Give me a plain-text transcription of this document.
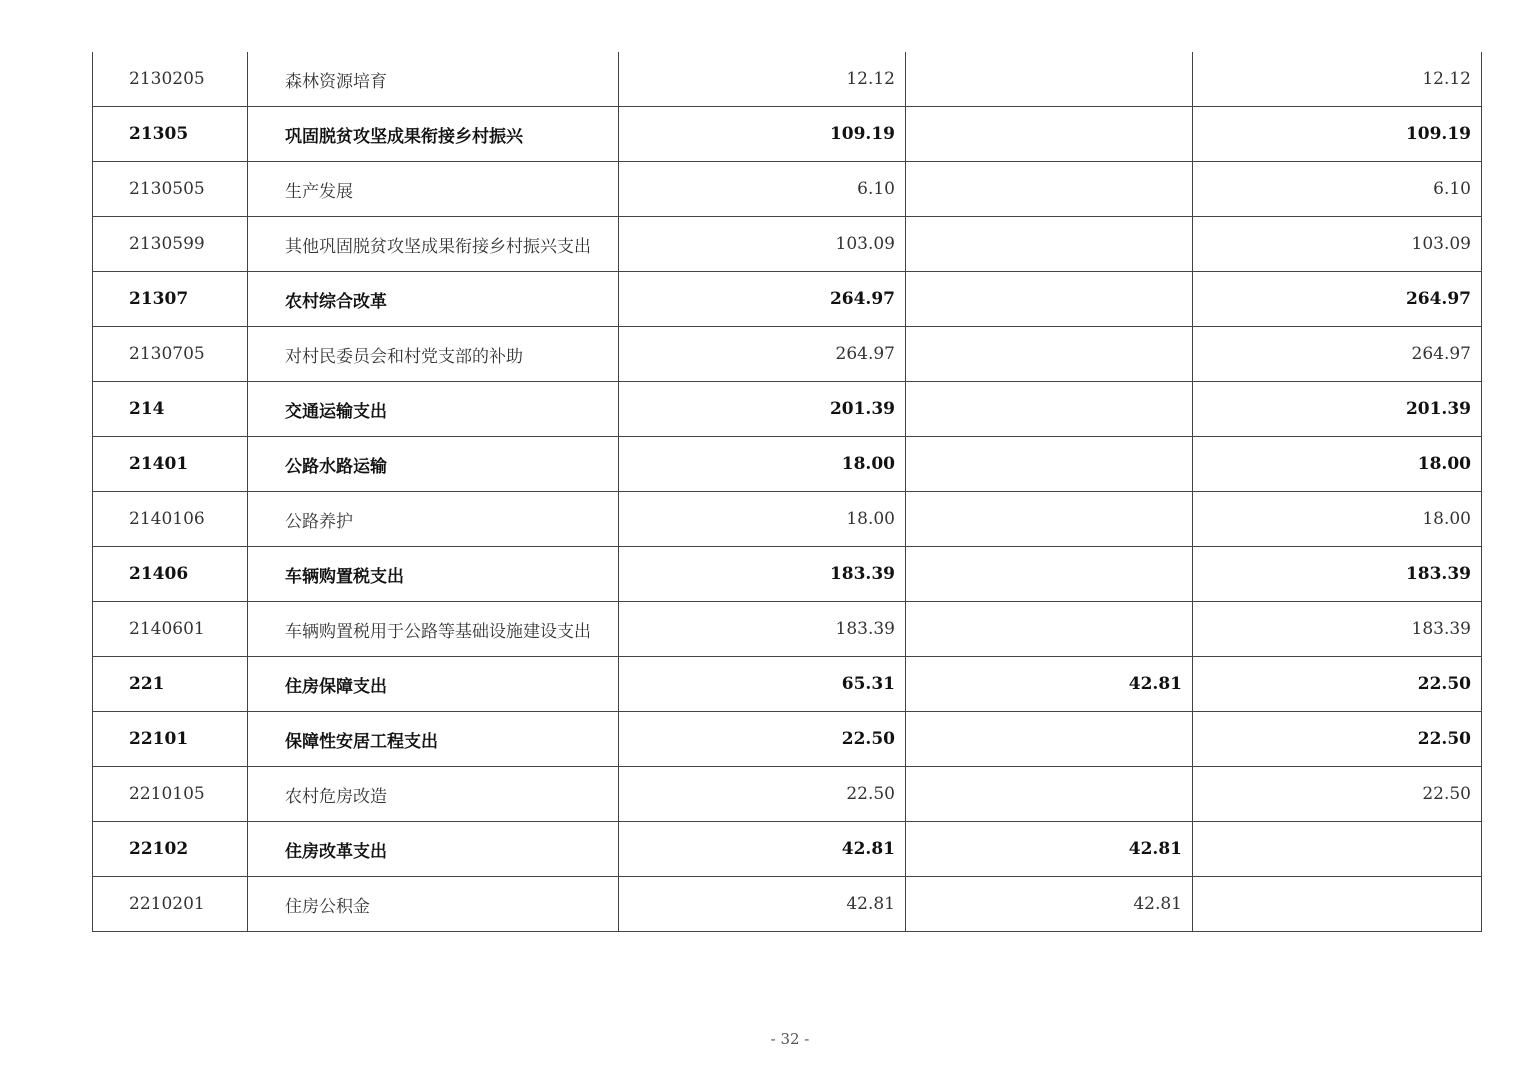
2130205	森林资源培育	12.12		12.12
21305	巩固脱贫攻坚成果衔接乡村振兴	109.19		109.19
2130505	生产发展	6.10		6.10
2130599	其他巩固脱贫攻坚成果衔接乡村振兴支出	103.09		103.09
21307	农村综合改革	264.97		264.97
2130705	对村民委员会和村党支部的补助	264.97		264.97
214	交通运输支出	201.39		201.39
21401	公路水路运输	18.00		18.00
2140106	公路养护	18.00		18.00
21406	车辆购置税支出	183.39		183.39
2140601	车辆购置税用于公路等基础设施建设支出	183.39		183.39
221	住房保障支出	65.31	42.81	22.50
22101	保障性安居工程支出	22.50		22.50
2210105	农村危房改造	22.50		22.50
22102	住房改革支出	42.81	42.81	
2210201	住房公积金	42.81	42.81	
- 32 -
